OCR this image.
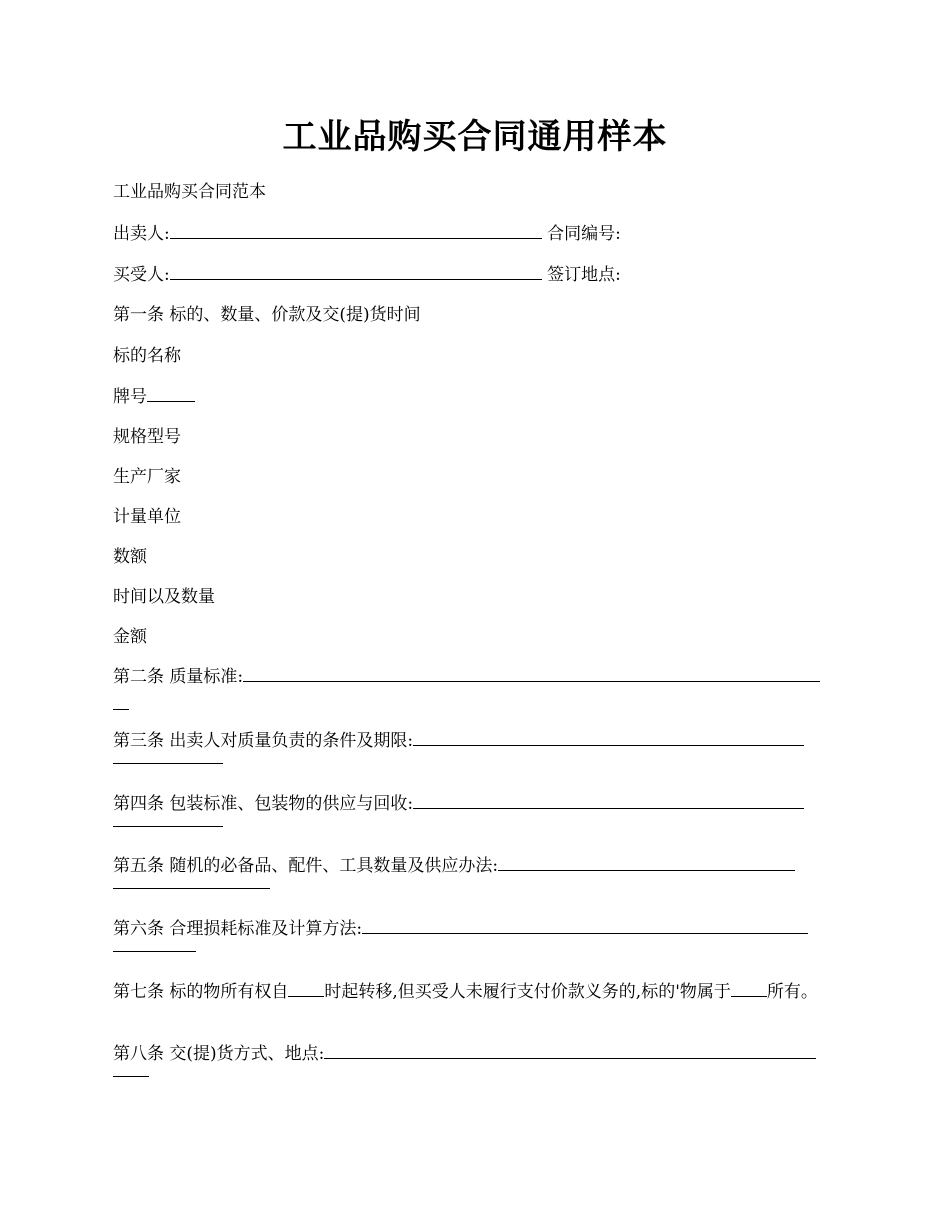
工业品购买合同通用样本
工业品购买合同范本
出卖人:	合同编号:
买受人:	签订地点:
第一条 标的、数量、价款及交(提)货时间
标的名称
牌号
规格型号
生产厂家
计量单位
数额
时间以及数量
金额
第二条 质量标准:
第三条 出卖人对质量负责的条件及期限:
第四条 包装标准、包装物的供应与回收:
第五条 随机的必备品、配件、工具数量及供应办法:
第六条 合理损耗标准及计算方法:
第七条 标的物所有权自 时起转移,但买受人未履行支付价款义务的,标的'物属于 所有。
第八条 交(提)货方式、地点:
